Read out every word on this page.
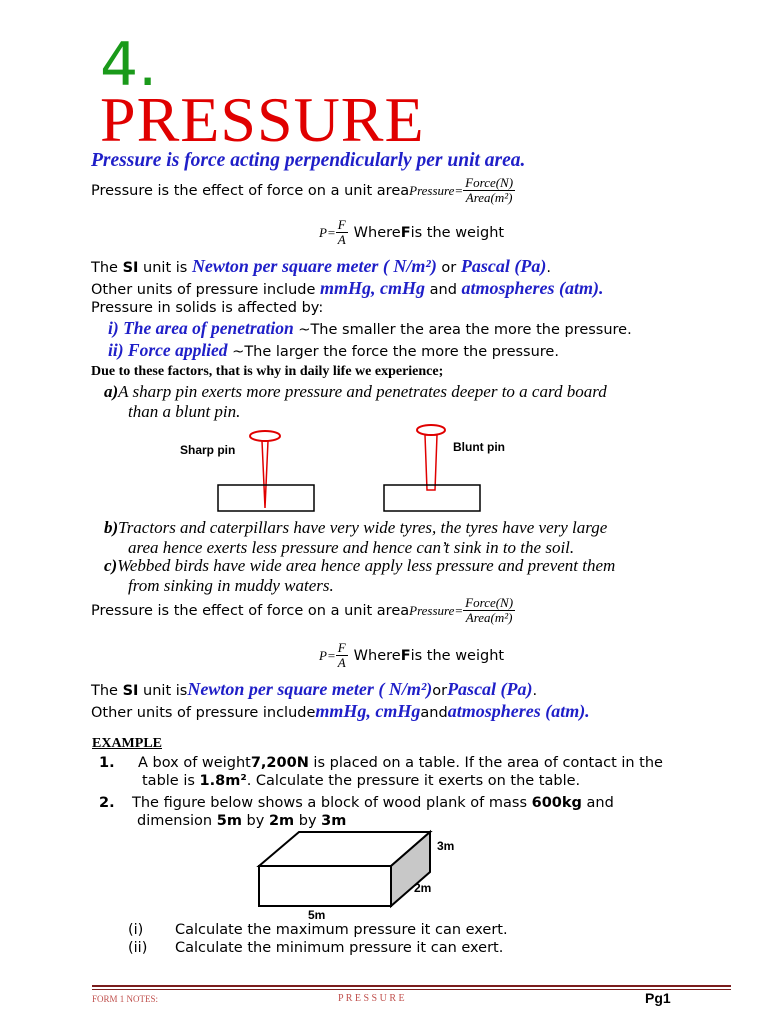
4.
PRESSURE
Pressure is force acting perpendicularly per unit area.
Pressure is the effect of force on a unit area Pressure= $\frac{\text{Force(N)}}{\text{Area(m²)}}$
$P= \frac{F}{A}$ Where F is the weight
The SI unit is Newton per square meter ( N/m²) or Pascal (Pa).
Other units of pressure include mmHg, cmHg and atmospheres (atm).
Pressure in solids is affected by:
i) The area of penetration ~The smaller the area the more the pressure.
ii) Force applied ~The larger the force the more the pressure.
Due to these factors, that is why in daily life we experience;
a)A sharp pin exerts more pressure and penetrates deeper to a card board
than a blunt pin.
Sharp pin	Blunt pin
b)Tractors and caterpillars have very wide tyres, the tyres have very large
area hence exerts less pressure and hence can’t sink in to the soil.
c)Webbed birds have wide area hence apply less pressure and prevent them
from sinking in muddy waters.
Pressure is the effect of force on a unit area Pressure= $\frac{\text{Force(N)}}{\text{Area(m²)}}$
$P= \frac{F}{A}$ Where F is the weight
The SI unit isNewton per square meter ( N/m²)orPascal (Pa).
Other units of pressure includemmHg, cmHgandatmospheres (atm).
EXAMPLE
1.	A box of weight7,200N is placed on a table. If the area of contact in the
table is 1.8m². Calculate the pressure it exerts on the table.
2.	The figure below shows a block of wood plank of mass 600kg and
dimension 5m by 2m by 3m
3m
2m
5m
(i)	Calculate the maximum pressure it can exert.
(ii)	Calculate the minimum pressure it can exert.
FORM 1 NOTES:	P R E S S U R E	Pg1
